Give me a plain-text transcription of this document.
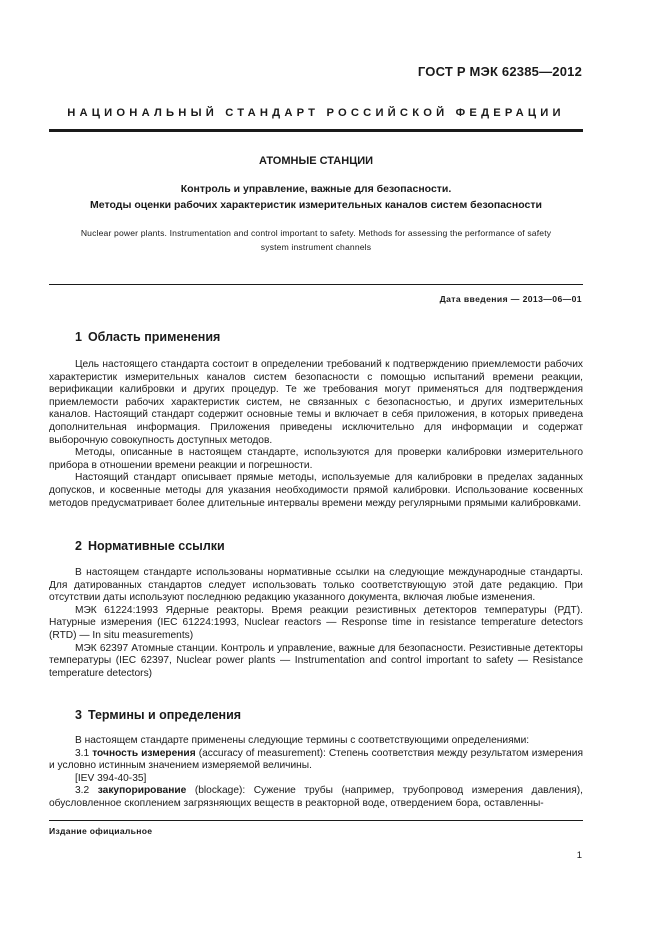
ГОСТ Р МЭК 62385—2012
НАЦИОНАЛЬНЫЙ СТАНДАРТ РОССИЙСКОЙ ФЕДЕРАЦИИ
АТОМНЫЕ СТАНЦИИ
Контроль и управление, важные для безопасности.
Методы оценки рабочих характеристик измерительных каналов систем безопасности
Nuclear power plants. Instrumentation and control important to safety. Methods for assessing the performance of safety
system instrument channels
Дата введения — 2013—06—01
1 Область применения

Цель настоящего стандарта состоит в определении требований к подтверждению приемлемости рабочих характеристик измерительных каналов систем безопасности с помощью испытаний времени реакции, верификации калибровки и других процедур. Те же требования могут применяться для подтверждения приемлемости рабочих характеристик систем, не связанных с безопасностью, и других измерительных каналов. Настоящий стандарт содержит основные темы и включает в себя приложения, в которых приведена дополнительная информация. Приложения приведены исключительно для информации и содержат выборочную совокупность доступных методов.

Методы, описанные в настоящем стандарте, используются для проверки калибровки измерительного прибора в отношении времени реакции и погрешности.

Настоящий стандарт описывает прямые методы, используемые для калибровки в пределах заданных допусков, и косвенные методы для указания необходимости прямой калибровки. Использование косвенных методов предусматривает более длительные интервалы времени между регулярными прямыми калибровками.

2 Нормативные ссылки

В настоящем стандарте использованы нормативные ссылки на следующие международные стандарты. Для датированных стандартов следует использовать только соответствующую этой дате редакцию. При отсутствии даты используют последнюю редакцию указанного документа, включая любые изменения.

МЭК 61224:1993 Ядерные реакторы. Время реакции резистивных детекторов температуры (РДТ). Натурные измерения (IEC 61224:1993, Nuclear reactors — Response time in resistance temperature detectors (RTD) — In situ measurements)

МЭК 62397 Атомные станции. Контроль и управление, важные для безопасности. Резистивные детекторы температуры (IEC 62397, Nuclear power plants — Instrumentation and control important to safety — Resistance temperature detectors)

3 Термины и определения

В настоящем стандарте применены следующие термины с соответствующими определениями:

3.1 точность измерения (accuracy of measurement): Степень соответствия между результатом измерения и условно истинным значением измеряемой величины.

[IEV 394-40-35]

3.2 закупорирование (blockage): Сужение трубы (например, трубопровод измерения давления), обусловленное скоплением загрязняющих веществ в реакторной воде, отвердением бора, оставленны-

Издание официальное
1
